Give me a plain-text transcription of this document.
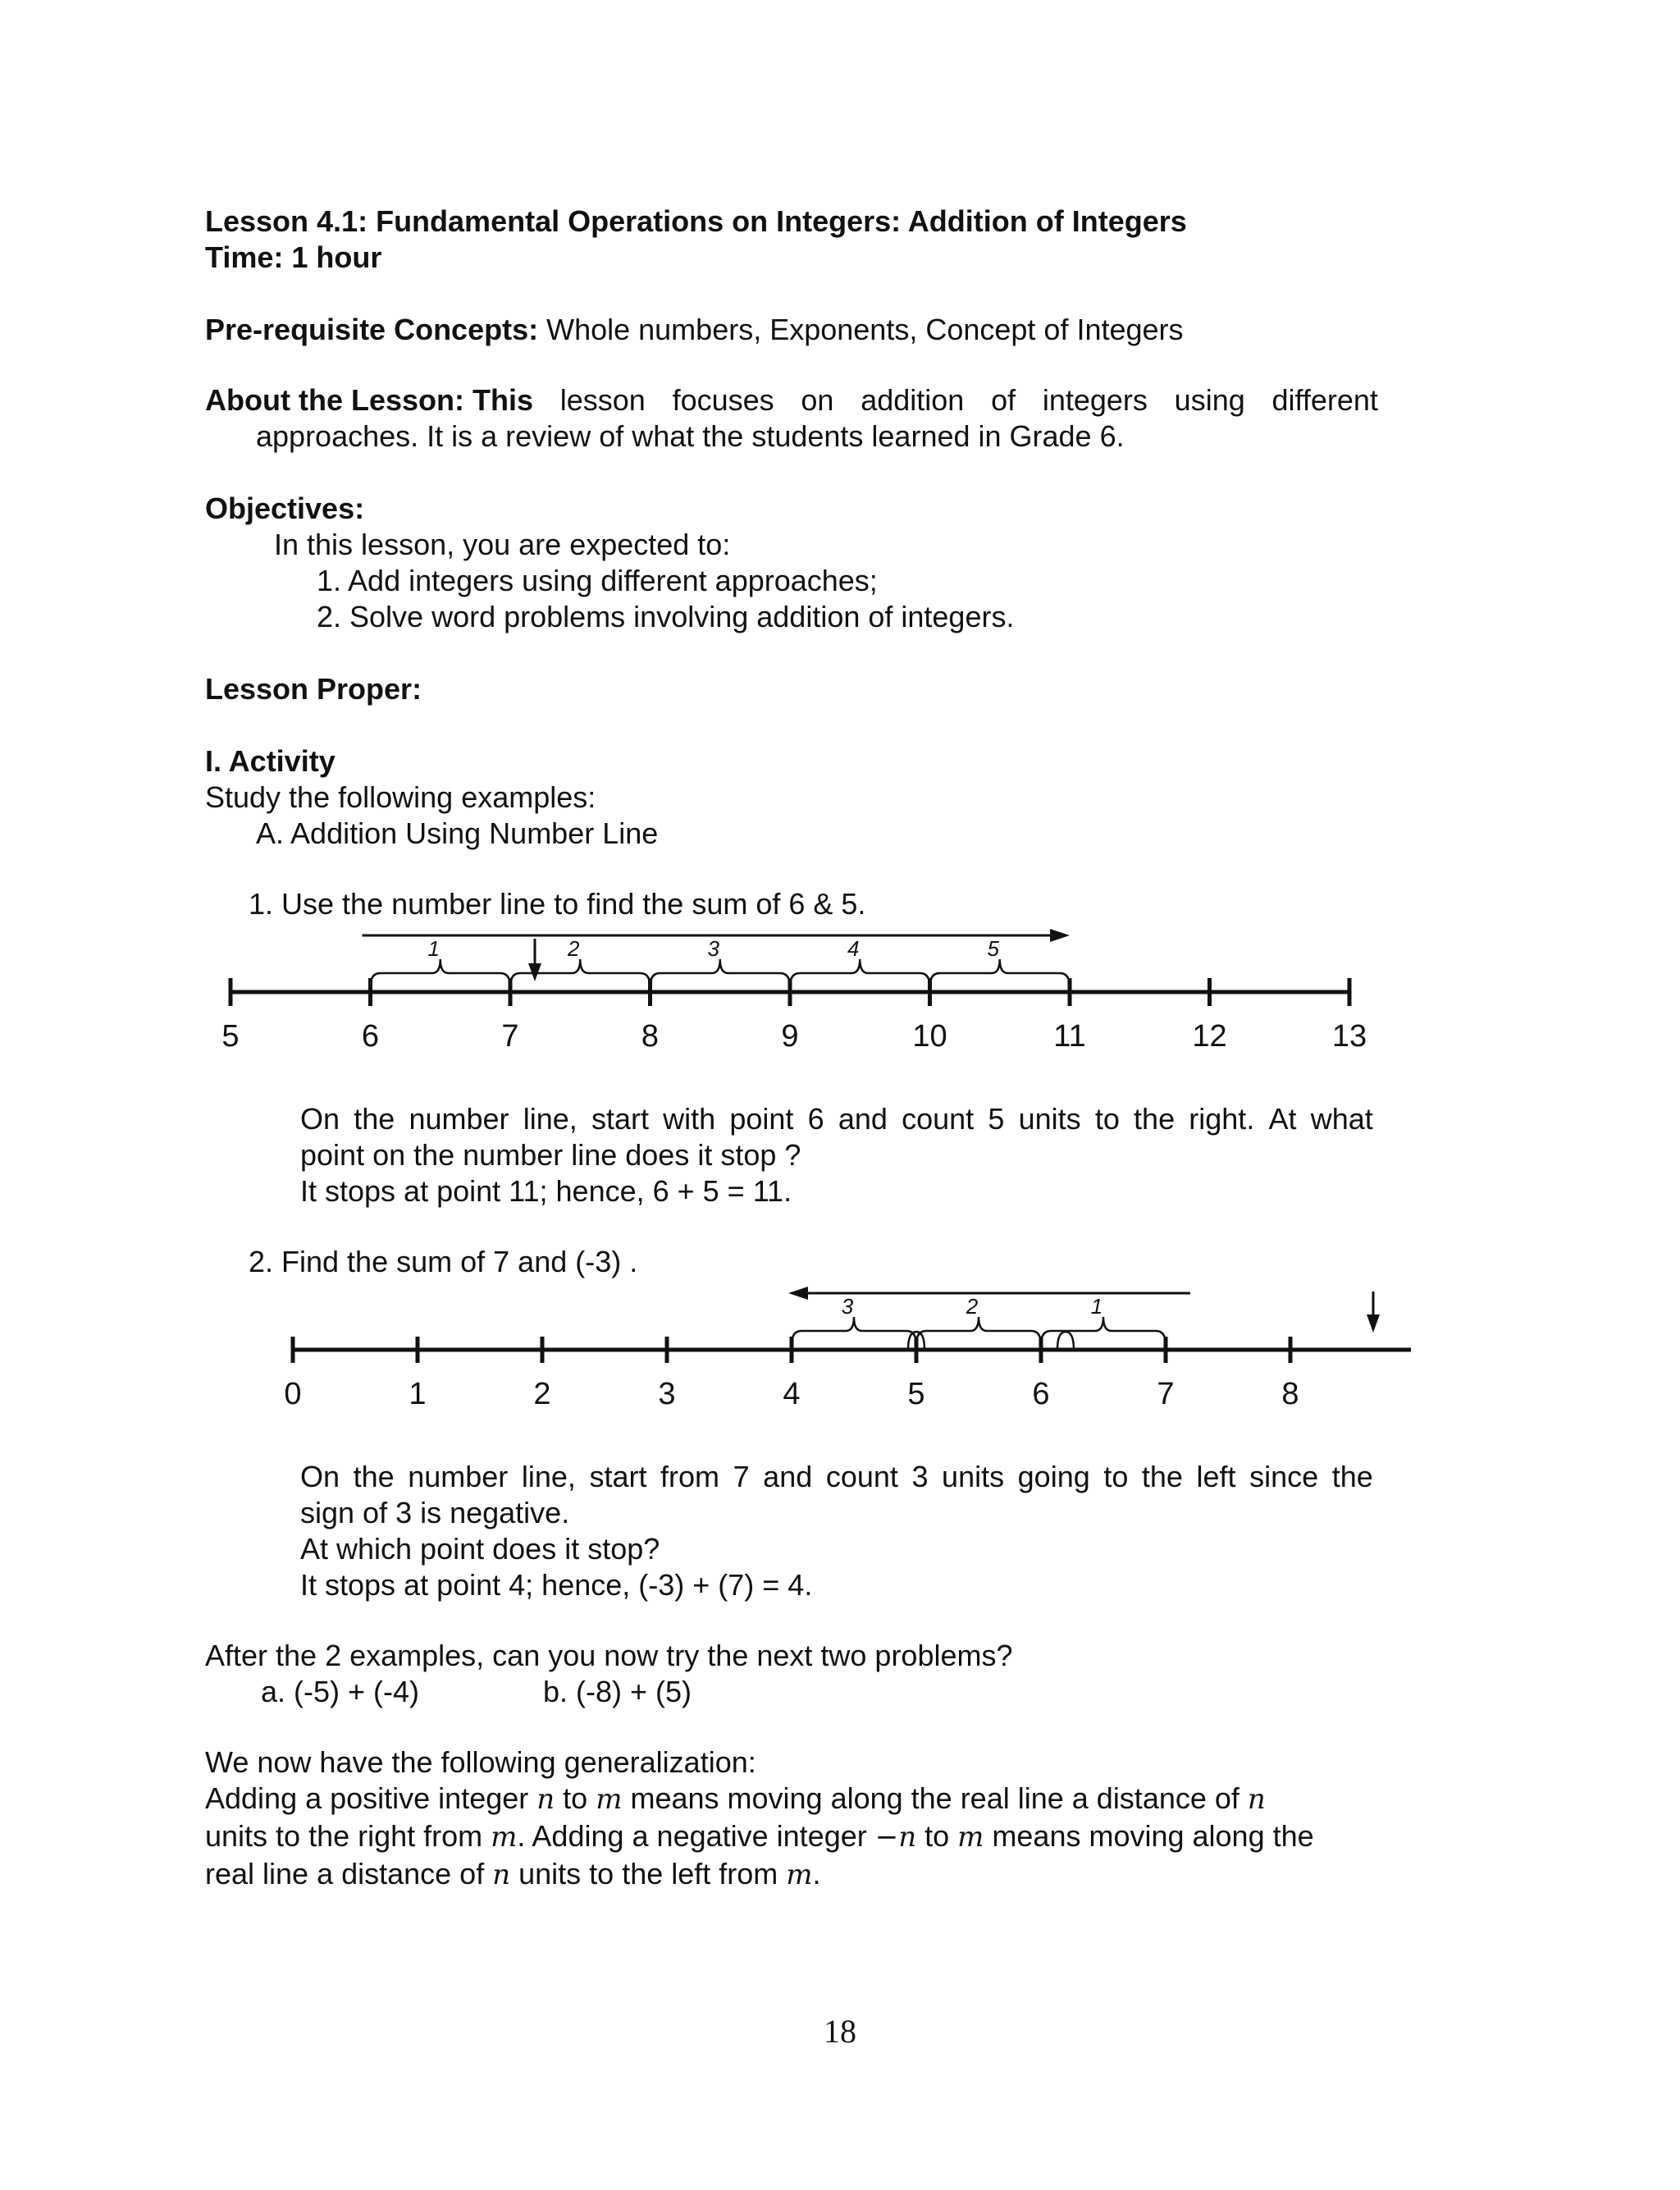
Lesson 4.1: Fundamental Operations on Integers: Addition of Integers
Time: 1 hour
Pre-requisite Concepts: Whole numbers, Exponents, Concept of Integers
About the Lesson: This lesson focuses on addition of integers using different
approaches. It is a review of what the students learned in Grade 6.
Objectives:
In this lesson, you are expected to:
1. Add integers using different approaches;
2. Solve word problems involving addition of integers.
Lesson Proper:
I. Activity
Study the following examples:
A. Addition Using Number Line
1. Use the number line to find the sum of 6 & 5.
5	6	7	8	9	10	11	12	13
1	2	3	4	5
0	1	2	3	4	5	6	7	8
1
2
3
On the number line, start with point 6 and count 5 units to the right. At what
point on the number line does it stop ?
It stops at point 11; hence, 6 + 5 = 11.
2. Find the sum of 7 and (-3) .
On the number line, start from 7 and count 3 units going to the left since the
sign of 3 is negative.
At which point does it stop?
It stops at point 4; hence, (-3) + (7) = 4.
After the 2 examples, can you now try the next two problems?
a. (-5) + (-4)	b. (-8) + (5)
We now have the following generalization:
Adding a positive integer n to m means moving along the real line a distance of n
units to the right from m. Adding a negative integer −n to m means moving along the
real line a distance of n units to the left from m.
18
